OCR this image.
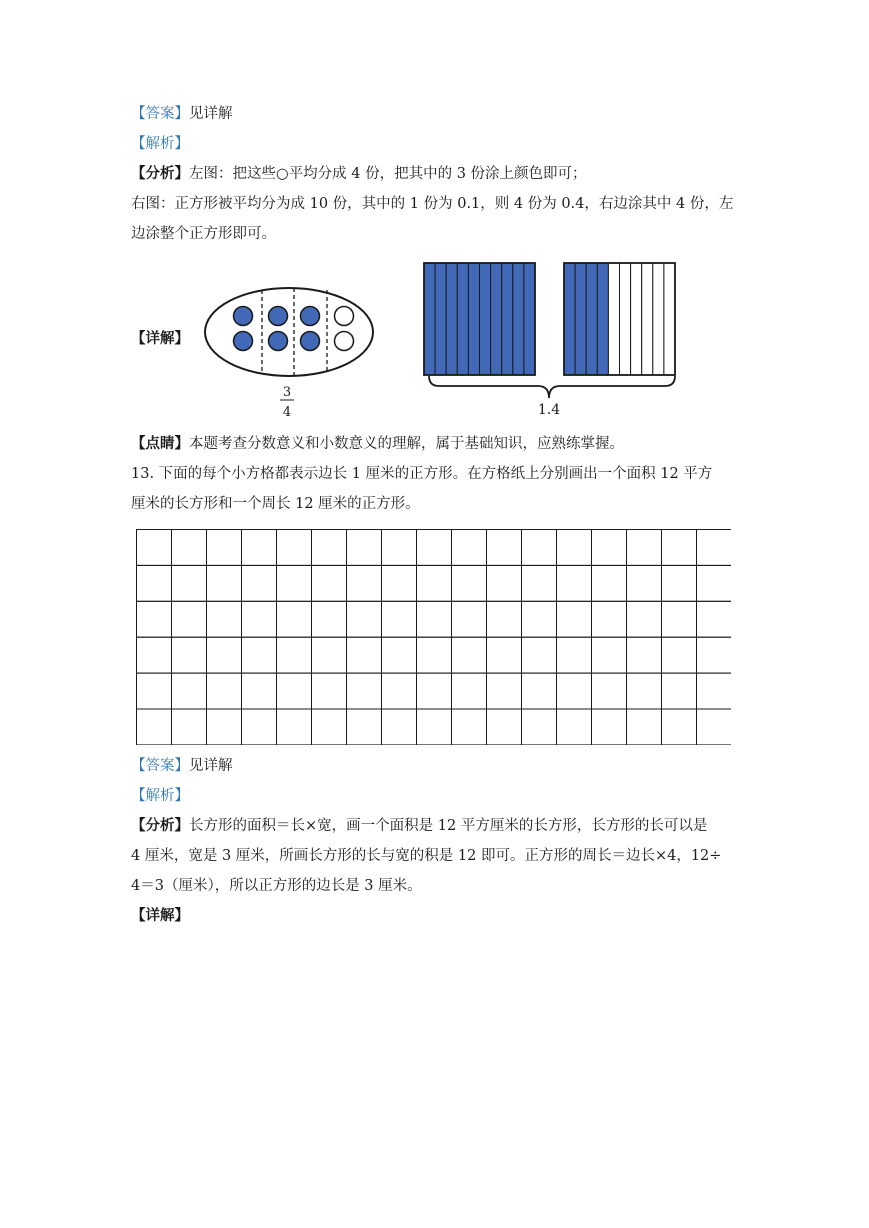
【答案】见详解
【解析】
【分析】左图：把这些○平均分成 4 份，把其中的 3 份涂上颜色即可；
右图：正方形被平均分为成 10 份，其中的 1 份为 0.1，则 4 份为 0.4，右边涂其中 4 份，左
边涂整个正方形即可。
【详解】
3
4	1.4
【点睛】本题考查分数意义和小数意义的理解，属于基础知识，应熟练掌握。
13. 下面的每个小方格都表示边长 1 厘米的正方形。在方格纸上分别画出一个面积 12 平方
厘米的长方形和一个周长 12 厘米的正方形。
【答案】见详解
【解析】
【分析】长方形的面积＝长×宽，画一个面积是 12 平方厘米的长方形，长方形的长可以是
4 厘米，宽是 3 厘米，所画长方形的长与宽的积是 12 即可。正方形的周长＝边长×4，12÷
4＝3（厘米），所以正方形的边长是 3 厘米。
【详解】
